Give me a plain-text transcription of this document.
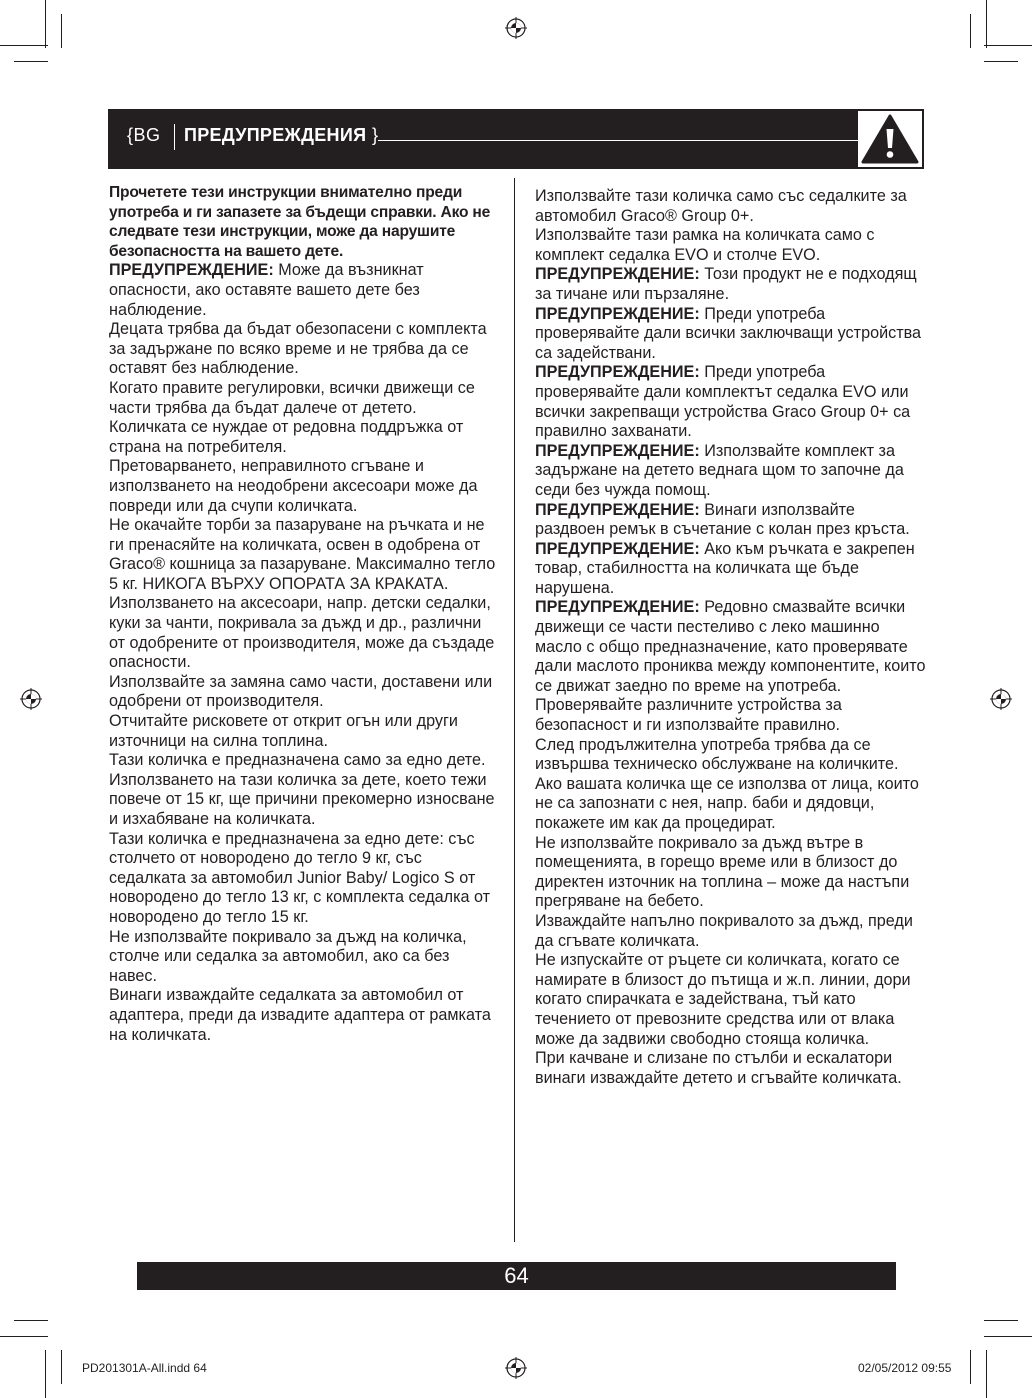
{BG ПРЕДУПРЕЖДЕНИЯ }

Прочетете тези инструкции внимателно преди употреба и ги запазете за бъдещи справки. Ако не следвате тези инструкции, може да нарушите безопасността на вашето дете.

ПРЕДУПРЕЖДЕНИЕ: Може да възникнат опасности, ако оставяте вашето дете без наблюдение.

Децата трябва да бъдат обезопасени с комплекта за задържане по всяко време и не трябва да се оставят без наблюдение.

Когато правите регулировки, всички движещи се части трябва да бъдат далече от детето.

Количката се нуждае от редовна поддръжка от страна на потребителя.

Претоварването, неправилното сгъване и използването на неодобрени аксесоари може да повреди или да счупи количката.

Не окачайте торби за пазаруване на ръчката и не ги пренасяйте на количката, освен в одобрена от Graco® кошница за пазаруване. Максимално тегло 5 кг. НИКОГА ВЪРХУ ОПОРАТА ЗА КРАКАТА.

Използването на аксесоари, напр. детски седалки, куки за чанти, покривала за дъжд и др., различни от одобрените от производителя, може да създаде опасности.

Използвайте за замяна само части, доставени или одобрени от производителя.

Отчитайте рисковете от открит огън или други източници на силна топлина.

Тази количка е предназначена само за едно дете.

Използването на тази количка за дете, което тежи повече от 15 кг, ще причини прекомерно износване и изхабяване на количката.

Тази количка е предназначена за едно дете: със столчето от новородено до тегло 9 кг, със седалката за автомобил Junior Baby/ Logico S от новородено до тегло 13 кг, с комплекта седалка от новородено до тегло 15 кг.

Не използвайте покривало за дъжд на количка, столче или седалка за автомобил, ако са без навес.

Винаги изваждайте седалката за автомобил от адаптера, преди да извадите адаптера от рамката на количката.

Използвайте тази количка само със седалките за автомобил Graco® Group 0+.

Използвайте тази рамка на количката само с комплект седалка EVO и столче EVO.

ПРЕДУПРЕЖДЕНИЕ: Този продукт не е подходящ за тичане или пързаляне.

ПРЕДУПРЕЖДЕНИЕ: Преди употреба проверявайте дали всички заключващи устройства са задействани.

ПРЕДУПРЕЖДЕНИЕ: Преди употреба проверявайте дали комплектът седалка EVO или всички закрепващи устройства Graco Group 0+ са правилно захванати.

ПРЕДУПРЕЖДЕНИЕ: Използвайте комплект за задържане на детето веднага щом то започне да седи без чужда помощ.

ПРЕДУПРЕЖДЕНИЕ: Винаги използвайте раздвоен ремък в съчетание с колан през кръста.

ПРЕДУПРЕЖДЕНИЕ: Ако към ръчката е закрепен товар, стабилността на количката ще бъде нарушена.

ПРЕДУПРЕЖДЕНИЕ: Редовно смазвайте всички движещи се части пестеливо с леко машинно масло с общо предназначение, като проверявате дали маслото прониква между компонентите, които се движат заедно по време на употреба.

Проверявайте различните устройства за безопасност и ги използвайте правилно.

След продължителна употреба трябва да се извършва техническо обслужване на количките.

Ако вашата количка ще се използва от лица, които не са запознати с нея, напр. баби и дядовци, покажете им как да процедират.

Не използвайте покривало за дъжд вътре в помещенията, в горещо време или в близост до директен източник на топлина – може да настъпи прегряване на бебето.

Изваждайте напълно покривалото за дъжд, преди да сгъвате количката.

Не изпускайте от ръцете си количката, когато се намирате в близост до пътища и ж.п. линии, дори когато спирачката е задействана, тъй като течението от превозните средства или от влака може да задвижи свободно стояща количка.

При качване и слизане по стълби и ескалатори винаги изваждайте детето и сгъвайте количката.

64
PD201301A-All.indd 64	02/05/2012 09:55
